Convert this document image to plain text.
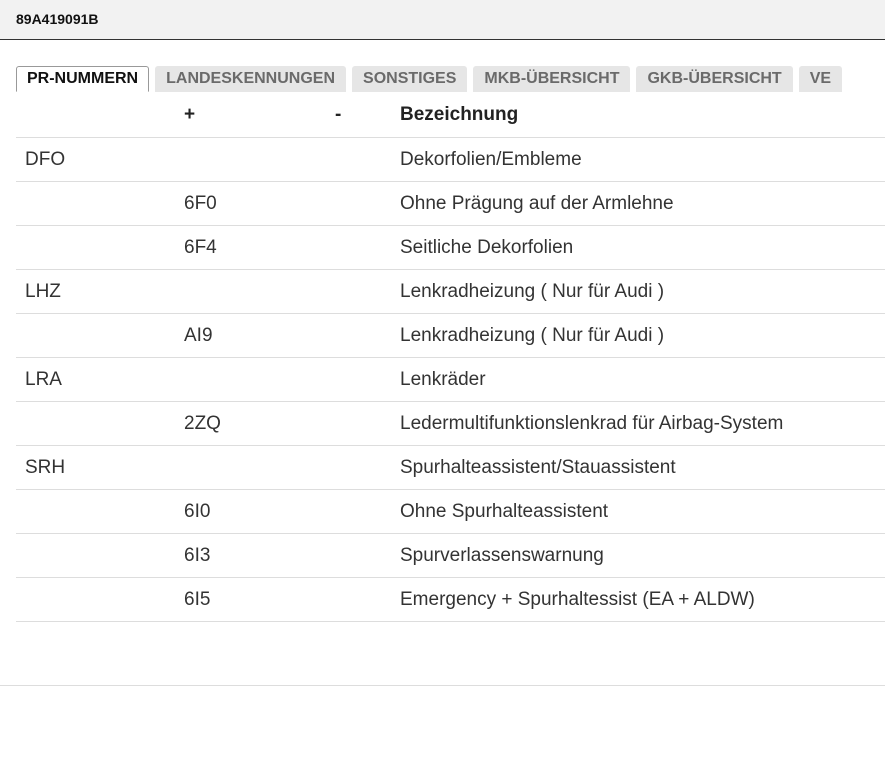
89A419091B
PR-NUMMERN LANDESKENNUNGEN SONSTIGES MKB-ÜBERSICHT GKB-ÜBERSICHT VE
	+	-	Bezeichnung
DFO			Dekorfolien/Embleme
	6F0		Ohne Prägung auf der Armlehne
	6F4		Seitliche Dekorfolien
LHZ			Lenkradheizung ( Nur für Audi )
	AI9		Lenkradheizung ( Nur für Audi )
LRA			Lenkräder
	2ZQ		Ledermultifunktionslenkrad für Airbag-System
SRH			Spurhalteassistent/Stauassistent
	6I0		Ohne Spurhalteassistent
	6I3		Spurverlassenswarnung
	6I5		Emergency + Spurhaltessist (EA + ALDW)
